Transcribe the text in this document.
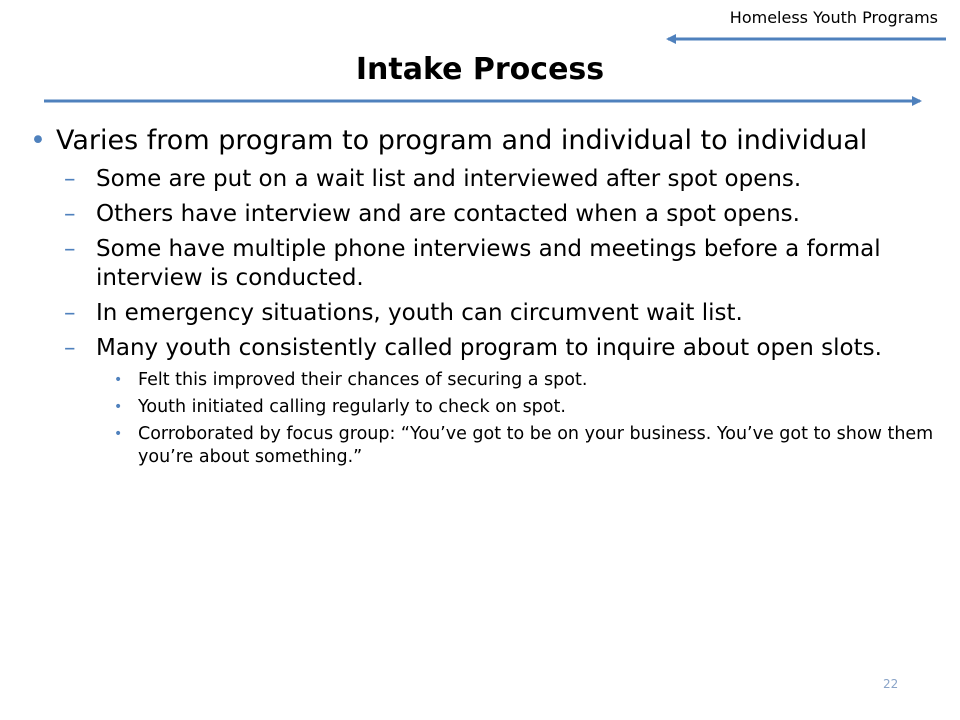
Homeless Youth Programs
Intake Process
• Varies from program to program and individual to individual
– Some are put on a wait list and interviewed after spot opens.
– Others have interview and are contacted when a spot opens.
– Some have multiple phone interviews and meetings before a formal interview is conducted.
– In emergency situations, youth can circumvent wait list.
– Many youth consistently called program to inquire about open slots.
• Felt this improved their chances of securing a spot.
• Youth initiated calling regularly to check on spot.
• Corroborated by focus group: “You’ve got to be on your business. You’ve got to show them you’re about something.”
22
